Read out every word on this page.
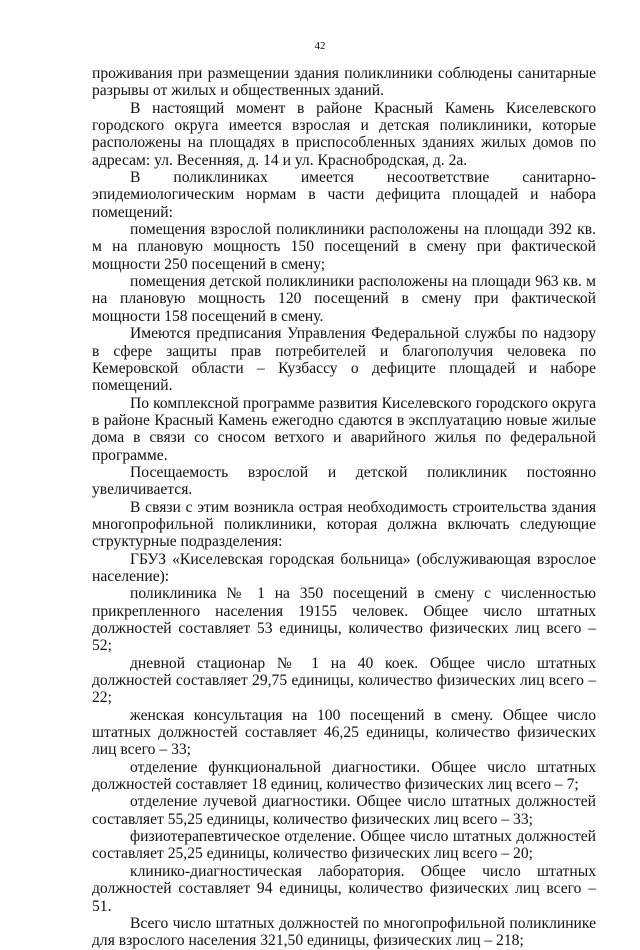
42

проживания при размещении здания поликлиники соблюдены санитарные разрывы от жилых и общественных зданий.

В настоящий момент в районе Красный Камень Киселевского городского округа имеется взрослая и детская поликлиники, которые расположены на площадях в приспособленных зданиях жилых домов по адресам: ул. Весенняя, д. 14 и ул. Краснобродская, д. 2а.

В поликлиниках имеется несоответствие санитарно-эпидемиологическим нормам в части дефицита площадей и набора помещений:

помещения взрослой поликлиники расположены на площади 392 кв. м на плановую мощность 150 посещений в смену при фактической мощности 250 посещений в смену;

помещения детской поликлиники расположены на площади 963 кв. м на плановую мощность 120 посещений в смену при фактической мощности 158 посещений в смену.

Имеются предписания Управления Федеральной службы по надзору в сфере защиты прав потребителей и благополучия человека по Кемеровской области – Кузбассу о дефиците площадей и наборе помещений.

По комплексной программе развития Киселевского городского округа в районе Красный Камень ежегодно сдаются в эксплуатацию новые жилые дома в связи со сносом ветхого и аварийного жилья по федеральной программе.

Посещаемость взрослой и детской поликлиник постоянно увеличивается.

В связи с этим возникла острая необходимость строительства здания многопрофильной поликлиники, которая должна включать следующие структурные подразделения:

ГБУЗ «Киселевская городская больница» (обслуживающая взрослое население):

поликлиника № 1 на 350 посещений в смену с численностью прикрепленного населения 19155 человек. Общее число штатных должностей составляет 53 единицы, количество физических лиц всего – 52;

дневной стационар № 1 на 40 коек. Общее число штатных должностей составляет 29,75 единицы, количество физических лиц всего – 22;

женская консультация на 100 посещений в смену. Общее число штатных должностей составляет 46,25 единицы, количество физических лиц всего – 33;

отделение функциональной диагностики. Общее число штатных должностей составляет 18 единиц, количество физических лиц всего – 7;

отделение лучевой диагностики. Общее число штатных должностей составляет 55,25 единицы, количество физических лиц всего – 33;

физиотерапевтическое отделение. Общее число штатных должностей составляет 25,25 единицы, количество физических лиц всего – 20;

клинико-диагностическая лаборатория. Общее число штатных должностей составляет 94 единицы, количество физических лиц всего – 51.

Всего число штатных должностей по многопрофильной поликлинике для взрослого населения 321,50 единицы, физических лиц – 218;
